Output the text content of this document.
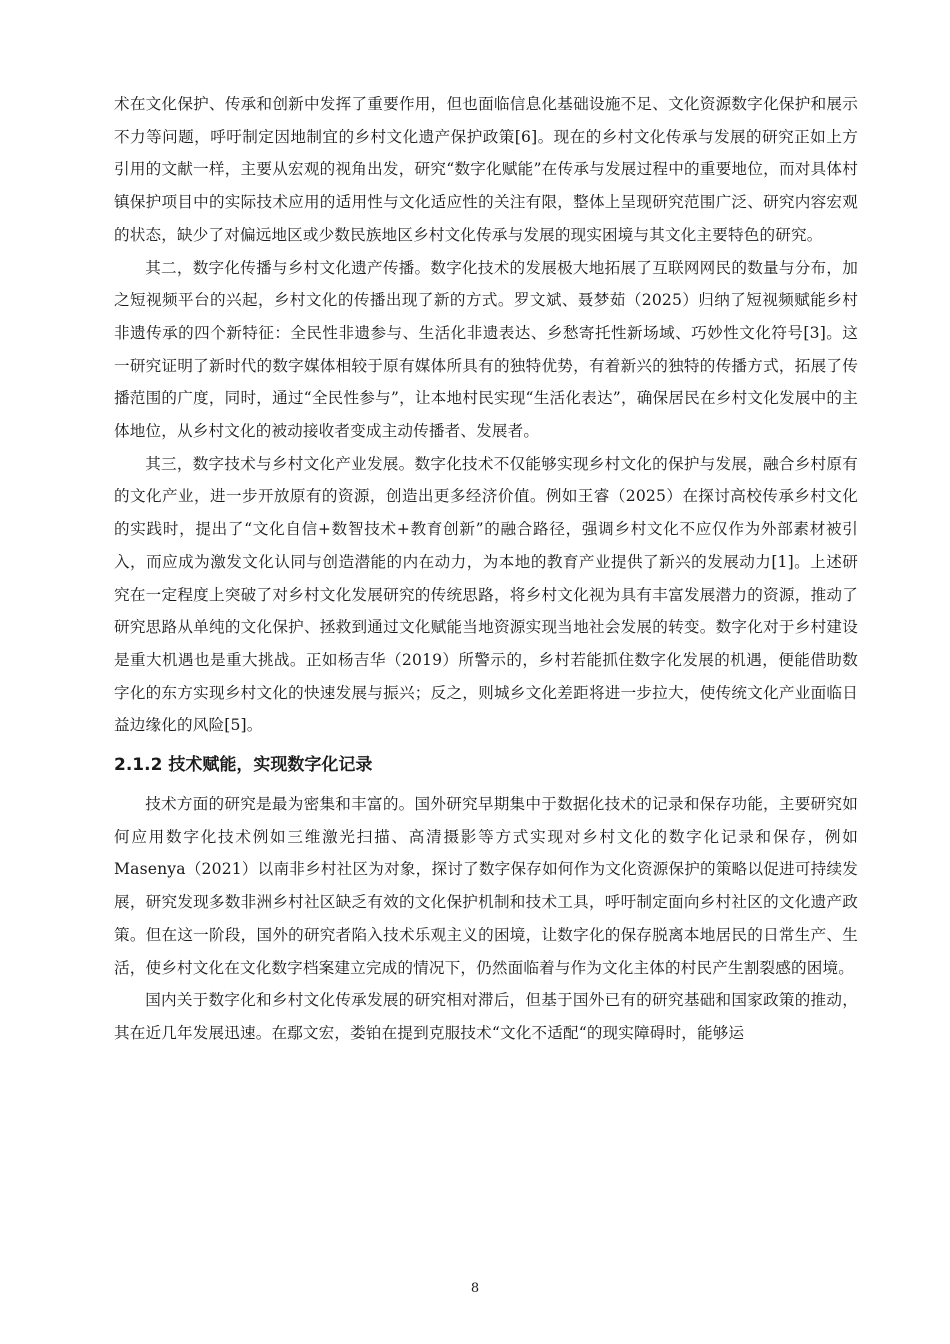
术在文化保护、传承和创新中发挥了重要作用，但也面临信息化基础设施不足、文化资源数字化保护和展示不力等问题，呼吁制定因地制宜的乡村文化遗产保护政策[6]。现在的乡村文化传承与发展的研究正如上方引用的文献一样，主要从宏观的视角出发，研究“数字化赋能”在传承与发展过程中的重要地位，而对具体村镇保护项目中的实际技术应用的适用性与文化适应性的关注有限，整体上呈现研究范围广泛、研究内容宏观的状态，缺少了对偏远地区或少数民族地区乡村文化传承与发展的现实困境与其文化主要特色的研究。

其二，数字化传播与乡村文化遗产传播。数字化技术的发展极大地拓展了互联网网民的数量与分布，加之短视频平台的兴起，乡村文化的传播出现了新的方式。罗文斌、聂梦茹（2025）归纳了短视频赋能乡村非遗传承的四个新特征：全民性非遗参与、生活化非遗表达、乡愁寄托性新场域、巧妙性文化符号[3]。这一研究证明了新时代的数字媒体相较于原有媒体所具有的独特优势，有着新兴的独特的传播方式，拓展了传播范围的广度，同时，通过“全民性参与”，让本地村民实现“生活化表达”，确保居民在乡村文化发展中的主体地位，从乡村文化的被动接收者变成主动传播者、发展者。

其三，数字技术与乡村文化产业发展。数字化技术不仅能够实现乡村文化的保护与发展，融合乡村原有的文化产业，进一步开放原有的资源，创造出更多经济价值。例如王睿（2025）在探讨高校传承乡村文化的实践时，提出了“文化自信+数智技术+教育创新”的融合路径，强调乡村文化不应仅作为外部素材被引入，而应成为激发文化认同与创造潜能的内在动力，为本地的教育产业提供了新兴的发展动力[1]。上述研究在一定程度上突破了对乡村文化发展研究的传统思路，将乡村文化视为具有丰富发展潜力的资源，推动了研究思路从单纯的文化保护、拯救到通过文化赋能当地资源实现当地社会发展的转变。数字化对于乡村建设是重大机遇也是重大挑战。正如杨吉华（2019）所警示的，乡村若能抓住数字化发展的机遇，便能借助数字化的东方实现乡村文化的快速发展与振兴；反之，则城乡文化差距将进一步拉大，使传统文化产业面临日益边缘化的风险[5]。

2.1.2 技术赋能，实现数字化记录

技术方面的研究是最为密集和丰富的。国外研究早期集中于数据化技术的记录和保存功能，主要研究如何应用数字化技术例如三维激光扫描、高清摄影等方式实现对乡村文化的数字化记录和保存，例如Masenya（2021）以南非乡村社区为对象，探讨了数字保存如何作为文化资源保护的策略以促进可持续发展，研究发现多数非洲乡村社区缺乏有效的文化保护机制和技术工具，呼吁制定面向乡村社区的文化遗产政策。但在这一阶段，国外的研究者陷入技术乐观主义的困境，让数字化的保存脱离本地居民的日常生产、生活，使乡村文化在文化数字档案建立完成的情况下，仍然面临着与作为文化主体的村民产生割裂感的困境。

国内关于数字化和乡村文化传承发展的研究相对滞后，但基于国外已有的研究基础和国家政策的推动，其在近几年发展迅速。在鄢文宏，娄铂在提到克服技术“文化不适配“的现实障碍时，能够运

8
